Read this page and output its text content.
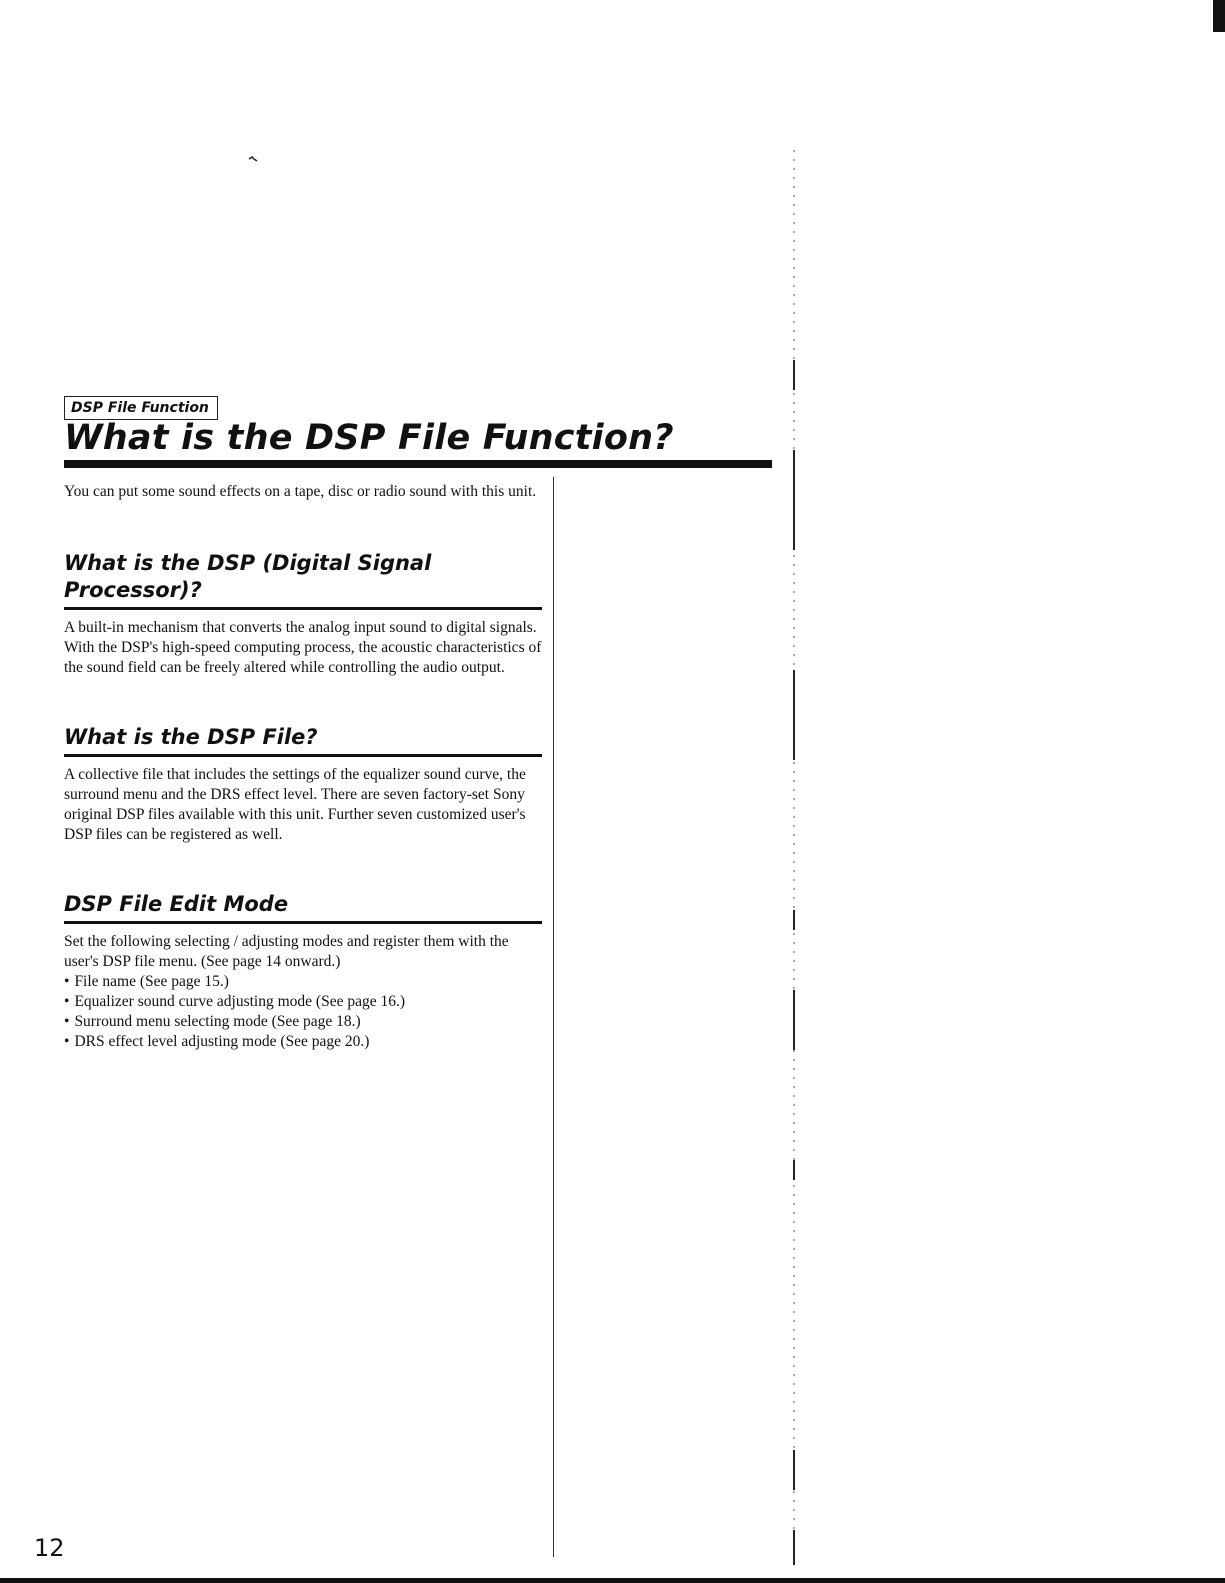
DSP File Function
What is the DSP File Function?

You can put some sound effects on a tape, disc or radio sound with this unit.

What is the DSP (Digital Signal Processor)?

A built-in mechanism that converts the analog input sound to digital signals. With the DSP's high-speed computing process, the acoustic characteristics of the sound field can be freely altered while controlling the audio output.

What is the DSP File?

A collective file that includes the settings of the equalizer sound curve, the surround menu and the DRS effect level. There are seven factory-set Sony original DSP files available with this unit. Further seven customized user's DSP files can be registered as well.

DSP File Edit Mode

Set the following selecting / adjusting modes and register them with the user's DSP file menu. (See page 14 onward.)

• File name (See page 15.)
• Equalizer sound curve adjusting mode (See page 16.)
• Surround menu selecting mode (See page 18.)
• DRS effect level adjusting mode (See page 20.)
12
